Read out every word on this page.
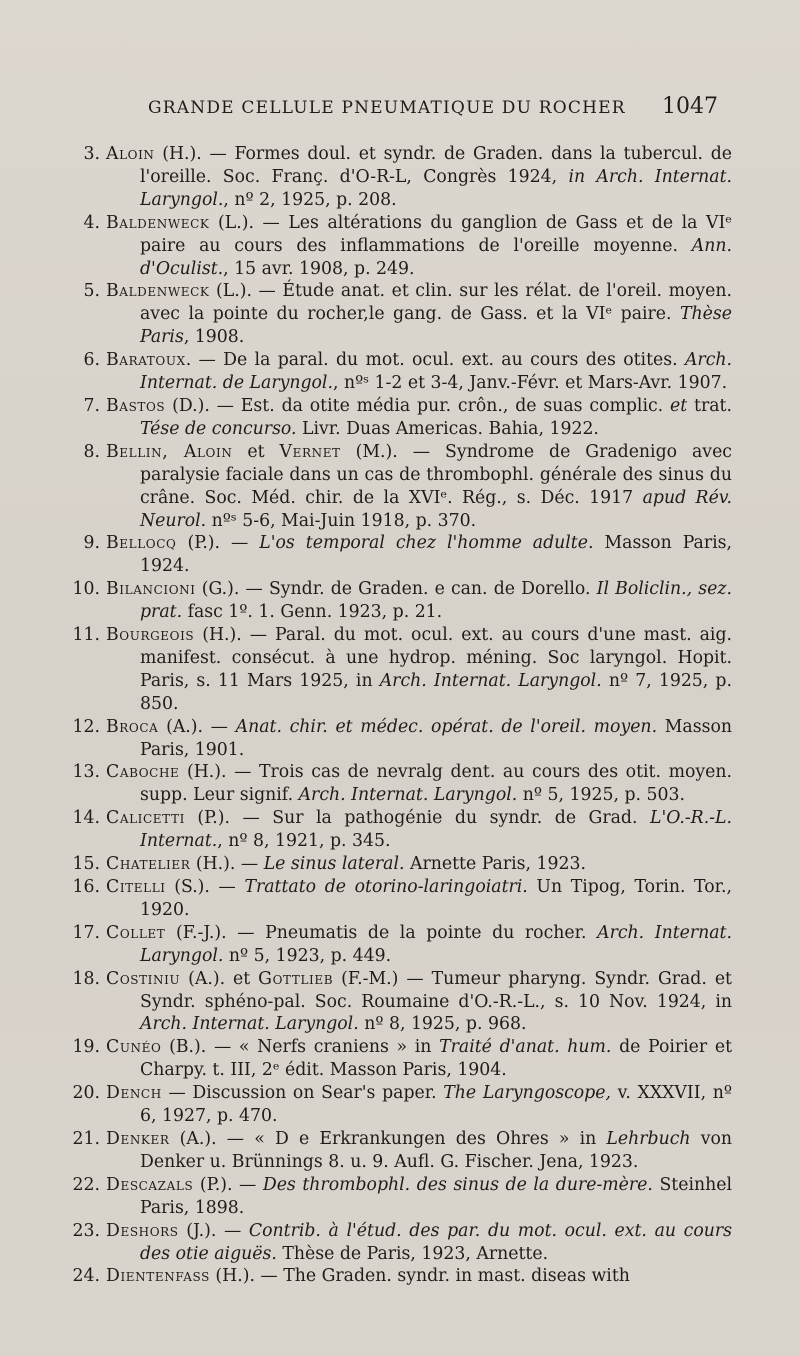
GRANDE CELLULE PNEUMATIQUE DU ROCHER 1047
3. Aloin (H.). — Formes doul. et syndr. de Graden. dans la tubercul. de l'oreille. Soc. Franç. d'O-R-L, Congrès 1924, in Arch. Internat. Laryngol., nº 2, 1925, p. 208.
4. Baldenweck (L.). — Les altérations du ganglion de Gass et de la VIᵉ paire au cours des inflammations de l'oreille moyenne. Ann. d'Oculist., 15 avr. 1908, p. 249.
5. Baldenweck (L.). — Étude anat. et clin. sur les rélat. de l'oreil. moyen. avec la pointe du rocher,le gang. de Gass. et la VIᵉ paire. Thèse Paris, 1908.
6. Baratoux. — De la paral. du mot. ocul. ext. au cours des otites. Arch. Internat. de Laryngol., nºˢ 1-2 et 3-4, Janv.-Févr. et Mars-Avr. 1907.
7. Bastos (D.). — Est. da otite média pur. crôn., de suas complic. et trat. Tése de concurso. Livr. Duas Americas. Bahia, 1922.
8. Bellin, Aloin et Vernet (M.). — Syndrome de Gradenigo avec paralysie faciale dans un cas de thrombophl. générale des sinus du crâne. Soc. Méd. chir. de la XVIᵉ. Rég., s. Déc. 1917 apud Rév. Neurol. nºˢ 5-6, Mai-Juin 1918, p. 370.
9. Bellocq (P.). — L'os temporal chez l'homme adulte. Masson Paris, 1924.
10. Bilancioni (G.). — Syndr. de Graden. e can. de Dorello. Il Boliclin., sez. prat. fasc 1º. 1. Genn. 1923, p. 21.
11. Bourgeois (H.). — Paral. du mot. ocul. ext. au cours d'une mast. aig. manifest. consécut. à une hydrop. méning. Soc laryngol. Hopit. Paris, s. 11 Mars 1925, in Arch. Internat. Laryngol. nº 7, 1925, p. 850.
12. Broca (A.). — Anat. chir. et médec. opérat. de l'oreil. moyen. Masson Paris, 1901.
13. Caboche (H.). — Trois cas de nevralg dent. au cours des otit. moyen. supp. Leur signif. Arch. Internat. Laryngol. nº 5, 1925, p. 503.
14. Calicetti (P.). — Sur la pathogénie du syndr. de Grad. L'O.-R.-L. Internat., nº 8, 1921, p. 345.
15. Chatelier (H.). — Le sinus lateral. Arnette Paris, 1923.
16. Citelli (S.). — Trattato de otorino-laringoiatri. Un Tipog, Torin. Tor., 1920.
17. Collet (F.-J.). — Pneumatis de la pointe du rocher. Arch. Internat. Laryngol. nº 5, 1923, p. 449.
18. Costiniu (A.). et Gottlieb (F.-M.) — Tumeur pharyng. Syndr. Grad. et Syndr. sphéno-pal. Soc. Roumaine d'O.-R.-L., s. 10 Nov. 1924, in Arch. Internat. Laryngol. nº 8, 1925, p. 968.
19. Cunéo (B.). — « Nerfs craniens » in Traité d'anat. hum. de Poirier et Charpy. t. III, 2ᵉ édit. Masson Paris, 1904.
20. Dench — Discussion on Sear's paper. The Laryngoscope, v. XXXVII, nº 6, 1927, p. 470.
21. Denker (A.). — « D e Erkrankungen des Ohres » in Lehrbuch von Denker u. Brünnings 8. u. 9. Aufl. G. Fischer. Jena, 1923.
22. Descazals (P.). — Des thrombophl. des sinus de la dure-mère. Steinhel Paris, 1898.
23. Deshors (J.). — Contrib. à l'étud. des par. du mot. ocul. ext. au cours des otie aiguës. Thèse de Paris, 1923, Arnette.
24. Dientenfass (H.). — The Graden. syndr. in mast. diseas with
